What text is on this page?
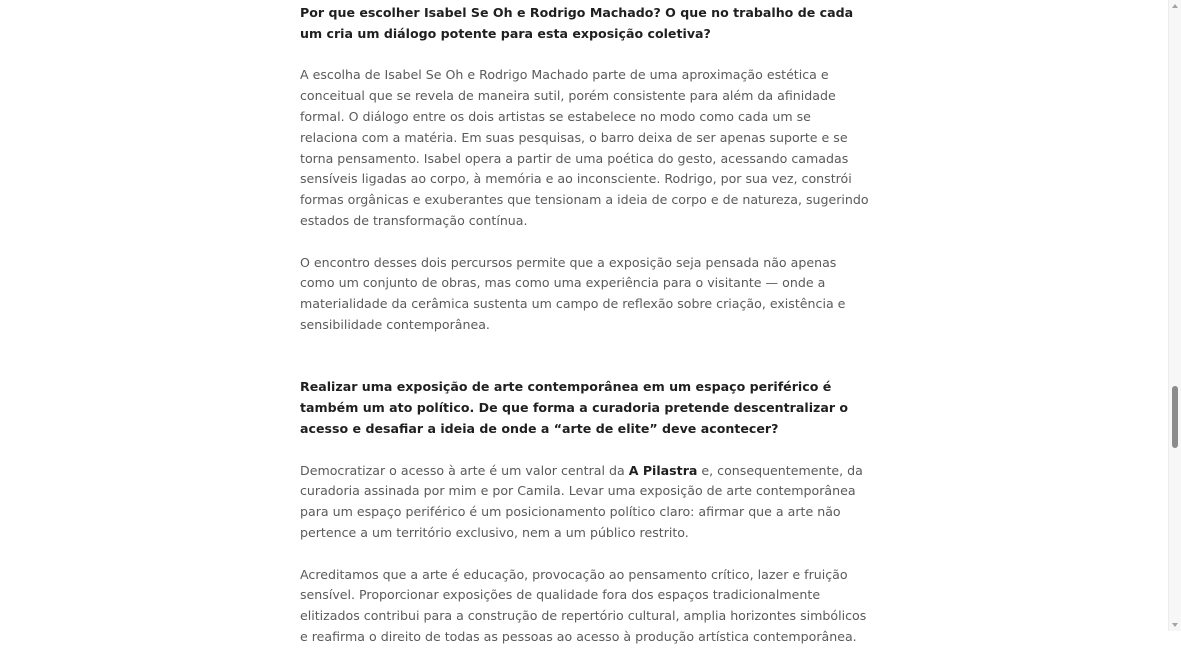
Por que escolher Isabel Se Oh e Rodrigo Machado? O que no trabalho de cada um cria um diálogo potente para esta exposição coletiva?

A escolha de Isabel Se Oh e Rodrigo Machado parte de uma aproximação estética e conceitual que se revela de maneira sutil, porém consistente para além da afinidade formal. O diálogo entre os dois artistas se estabelece no modo como cada um se relaciona com a matéria. Em suas pesquisas, o barro deixa de ser apenas suporte e se torna pensamento. Isabel opera a partir de uma poética do gesto, acessando camadas sensíveis ligadas ao corpo, à memória e ao inconsciente. Rodrigo, por sua vez, constrói formas orgânicas e exuberantes que tensionam a ideia de corpo e de natureza, sugerindo estados de transformação contínua.

O encontro desses dois percursos permite que a exposição seja pensada não apenas como um conjunto de obras, mas como uma experiência para o visitante — onde a materialidade da cerâmica sustenta um campo de reflexão sobre criação, existência e sensibilidade contemporânea.

Realizar uma exposição de arte contemporânea em um espaço periférico é também um ato político. De que forma a curadoria pretende descentralizar o acesso e desafiar a ideia de onde a “arte de elite” deve acontecer?

Democratizar o acesso à arte é um valor central da A Pilastra e, consequentemente, da curadoria assinada por mim e por Camila. Levar uma exposição de arte contemporânea para um espaço periférico é um posicionamento político claro: afirmar que a arte não pertence a um território exclusivo, nem a um público restrito.

Acreditamos que a arte é educação, provocação ao pensamento crítico, lazer e fruição sensível. Proporcionar exposições de qualidade fora dos espaços tradicionalmente elitizados contribui para a construção de repertório cultural, amplia horizontes simbólicos e reafirma o direito de todas as pessoas ao acesso à produção artística contemporânea.
